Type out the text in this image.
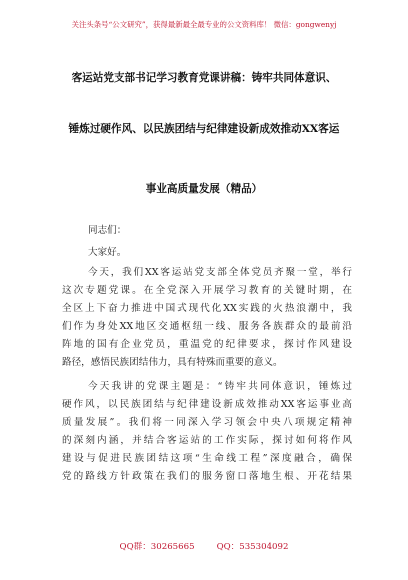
关注头条号“公文研究”，获得最新最全最专业的公文资料库！ 微信：gongwenyj
客运站党支部书记学习教育党课讲稿：铸牢共同体意识、
锤炼过硬作风、以民族团结与纪律建设新成效推动XX客运
事业高质量发展（精品）
同志们：
大家好。
今天，我们XX客运站党支部全体党员齐聚一堂，举行
这次专题党课。在全党深入开展学习教育的关键时期，在
全区上下奋力推进中国式现代化XX实践的火热浪潮中，我
们作为身处XX地区交通枢纽一线、服务各族群众的最前沿
阵地的国有企业党员，重温党的纪律要求，探讨作风建设
路径，感悟民族团结伟力，具有特殊而重要的意义。
今天我讲的党课主题是：“铸牢共同体意识，锤炼过
硬作风，以民族团结与纪律建设新成效推动XX客运事业高
质量发展”。我们将一同深入学习领会中央八项规定精神
的深刻内涵，并结合客运站的工作实际，探讨如何将作风
建设与促进民族团结这项“生命线工程”深度融合，确保
党的路线方针政策在我们的服务窗口落地生根、开花结果
QQ群：30265665	QQ：535304092
